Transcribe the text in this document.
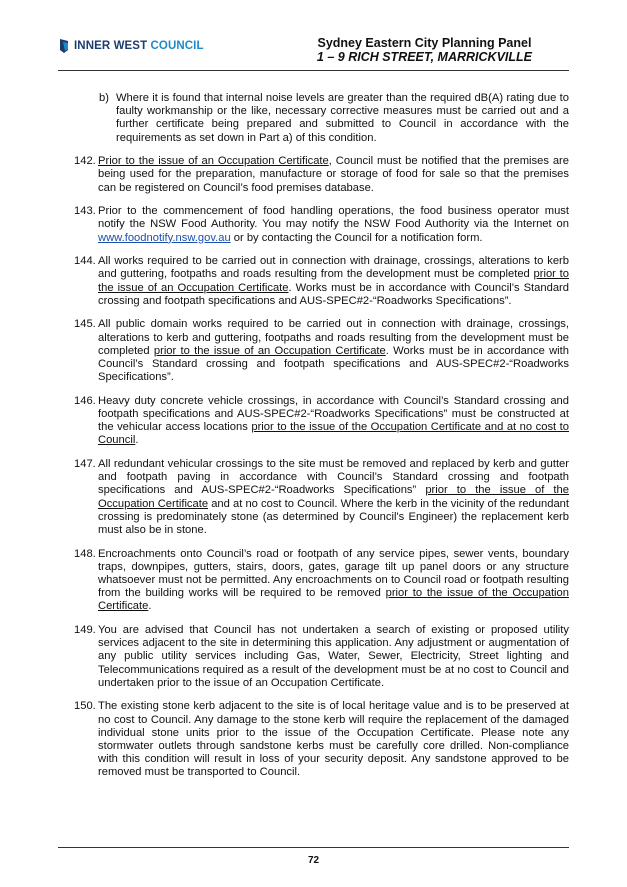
INNER WEST COUNCIL	Sydney Eastern City Planning Panel
1 – 9 RICH STREET, MARRICKVILLE
b) Where it is found that internal noise levels are greater than the required dB(A) rating due to faulty workmanship or the like, necessary corrective measures must be carried out and a further certificate being prepared and submitted to Council in accordance with the requirements as set down in Part a) of this condition.
142. Prior to the issue of an Occupation Certificate, Council must be notified that the premises are being used for the preparation, manufacture or storage of food for sale so that the premises can be registered on Council’s food premises database.
143. Prior to the commencement of food handling operations, the food business operator must notify the NSW Food Authority. You may notify the NSW Food Authority via the Internet on www.foodnotify.nsw.gov.au or by contacting the Council for a notification form.
144. All works required to be carried out in connection with drainage, crossings, alterations to kerb and guttering, footpaths and roads resulting from the development must be completed prior to the issue of an Occupation Certificate. Works must be in accordance with Council’s Standard crossing and footpath specifications and AUS-SPEC#2-“Roadworks Specifications”.
145. All public domain works required to be carried out in connection with drainage, crossings, alterations to kerb and guttering, footpaths and roads resulting from the development must be completed prior to the issue of an Occupation Certificate. Works must be in accordance with Council’s Standard crossing and footpath specifications and AUS-SPEC#2-“Roadworks Specifications”.
146. Heavy duty concrete vehicle crossings, in accordance with Council’s Standard crossing and footpath specifications and AUS-SPEC#2-“Roadworks Specifications” must be constructed at the vehicular access locations prior to the issue of the Occupation Certificate and at no cost to Council.
147. All redundant vehicular crossings to the site must be removed and replaced by kerb and gutter and footpath paving in accordance with Council’s Standard crossing and footpath specifications and AUS-SPEC#2-“Roadworks Specifications” prior to the issue of the Occupation Certificate and at no cost to Council. Where the kerb in the vicinity of the redundant crossing is predominately stone (as determined by Council's Engineer) the replacement kerb must also be in stone.
148. Encroachments onto Council’s road or footpath of any service pipes, sewer vents, boundary traps, downpipes, gutters, stairs, doors, gates, garage tilt up panel doors or any structure whatsoever must not be permitted. Any encroachments on to Council road or footpath resulting from the building works will be required to be removed prior to the issue of the Occupation Certificate.
149. You are advised that Council has not undertaken a search of existing or proposed utility services adjacent to the site in determining this application. Any adjustment or augmentation of any public utility services including Gas, Water, Sewer, Electricity, Street lighting and Telecommunications required as a result of the development must be at no cost to Council and undertaken prior to the issue of an Occupation Certificate.
150. The existing stone kerb adjacent to the site is of local heritage value and is to be preserved at no cost to Council. Any damage to the stone kerb will require the replacement of the damaged individual stone units prior to the issue of the Occupation Certificate. Please note any stormwater outlets through sandstone kerbs must be carefully core drilled. Non-compliance with this condition will result in loss of your security deposit. Any sandstone approved to be removed must be transported to Council.
72
